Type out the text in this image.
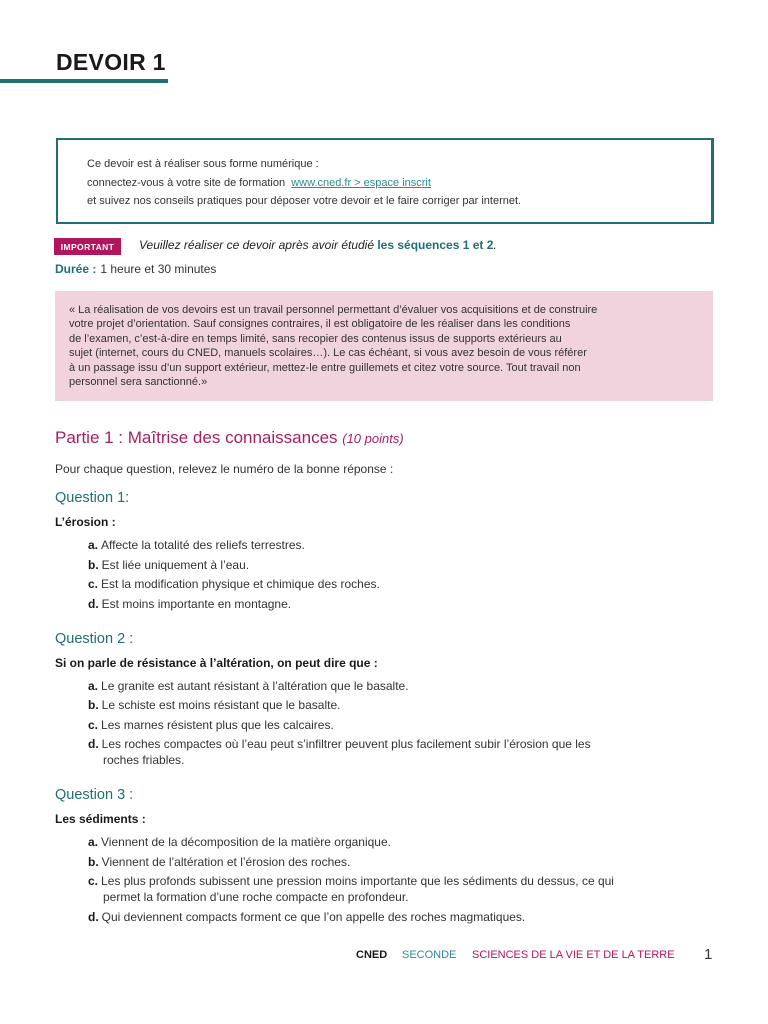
DEVOIR 1

Ce devoir est à réaliser sous forme numérique :

connectez-vous à votre site de formation www.cned.fr > espace inscrit

et suivez nos conseils pratiques pour déposer votre devoir et le faire corriger par internet.

IMPORTANT	Veuillez réaliser ce devoir après avoir étudié les séquences 1 et 2.
Durée : 1 heure et 30 minutes

« La réalisation de vos devoirs est un travail personnel permettant d’évaluer vos acquisitions et de construire

votre projet d’orientation. Sauf consignes contraires, il est obligatoire de les réaliser dans les conditions

de l’examen, c’est-à-dire en temps limité, sans recopier des contenus issus de supports extérieurs au

sujet (internet, cours du CNED, manuels scolaires…). Le cas échéant, si vous avez besoin de vous référer

à un passage issu d’un support extérieur, mettez-le entre guillemets et citez votre source. Tout travail non

personnel sera sanctionné.»

Partie 1 : Maîtrise des connaissances (10 points)
Pour chaque question, relevez le numéro de la bonne réponse :
Question 1:
L’érosion :
a. Affecte la totalité des reliefs terrestres.
b. Est liée uniquement à l’eau.
c. Est la modification physique et chimique des roches.
d. Est moins importante en montagne.
Question 2 :
Si on parle de résistance à l’altération, on peut dire que :
a. Le granite est autant résistant à l’altération que le basalte.
b. Le schiste est moins résistant que le basalte.
c. Les marnes résistent plus que les calcaires.
d. Les roches compactes où l’eau peut s’infiltrer peuvent plus facilement subir l’érosion que les
roches friables.
Question 3 :
Les sédiments :
a. Viennent de la décomposition de la matière organique.
b. Viennent de l’altération et l’érosion des roches.
c. Les plus profonds subissent une pression moins importante que les sédiments du dessus, ce qui
permet la formation d’une roche compacte en profondeur.
d. Qui deviennent compacts forment ce que l’on appelle des roches magmatiques.
CNED SECONDE SCIENCES DE LA VIE ET DE LA TERRE 1
